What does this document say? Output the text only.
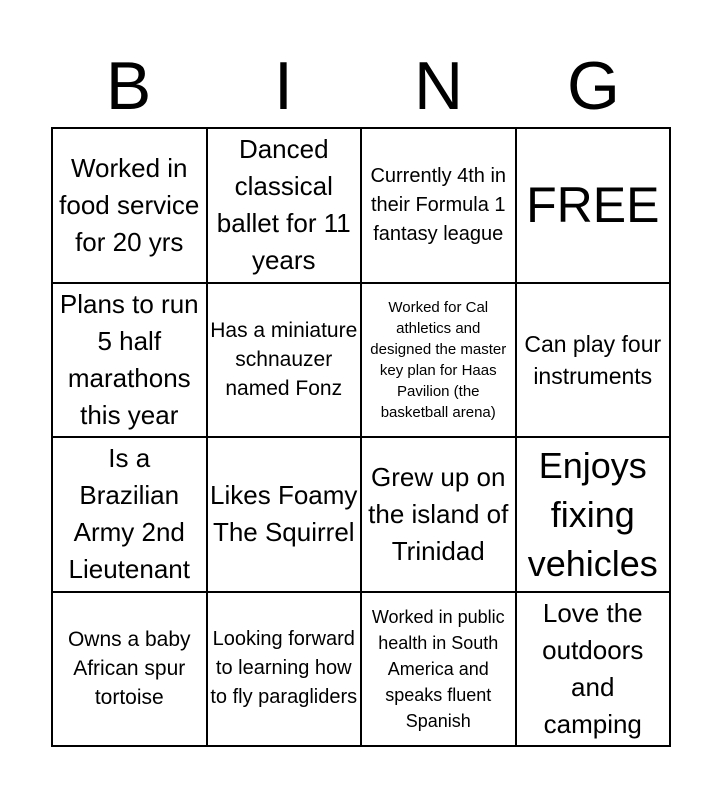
B	I	N	G
Worked in food service for 20 yrs
Danced classical ballet for 11 years
Currently 4th in their Formula 1 fantasy league
FREE
Plans to run 5 half marathons this year
Has a miniature schnauzer named Fonz
Worked for Cal athletics and designed the master key plan for Haas Pavilion (the basketball arena)
Can play four instruments
Is a Brazilian Army 2nd Lieutenant
Likes Foamy The Squirrel
Grew up on the island of Trinidad
Enjoys fixing vehicles
Owns a baby African spur tortoise
Looking forward to learning how to fly paragliders
Worked in public health in South America and speaks fluent Spanish
Love the outdoors and camping
